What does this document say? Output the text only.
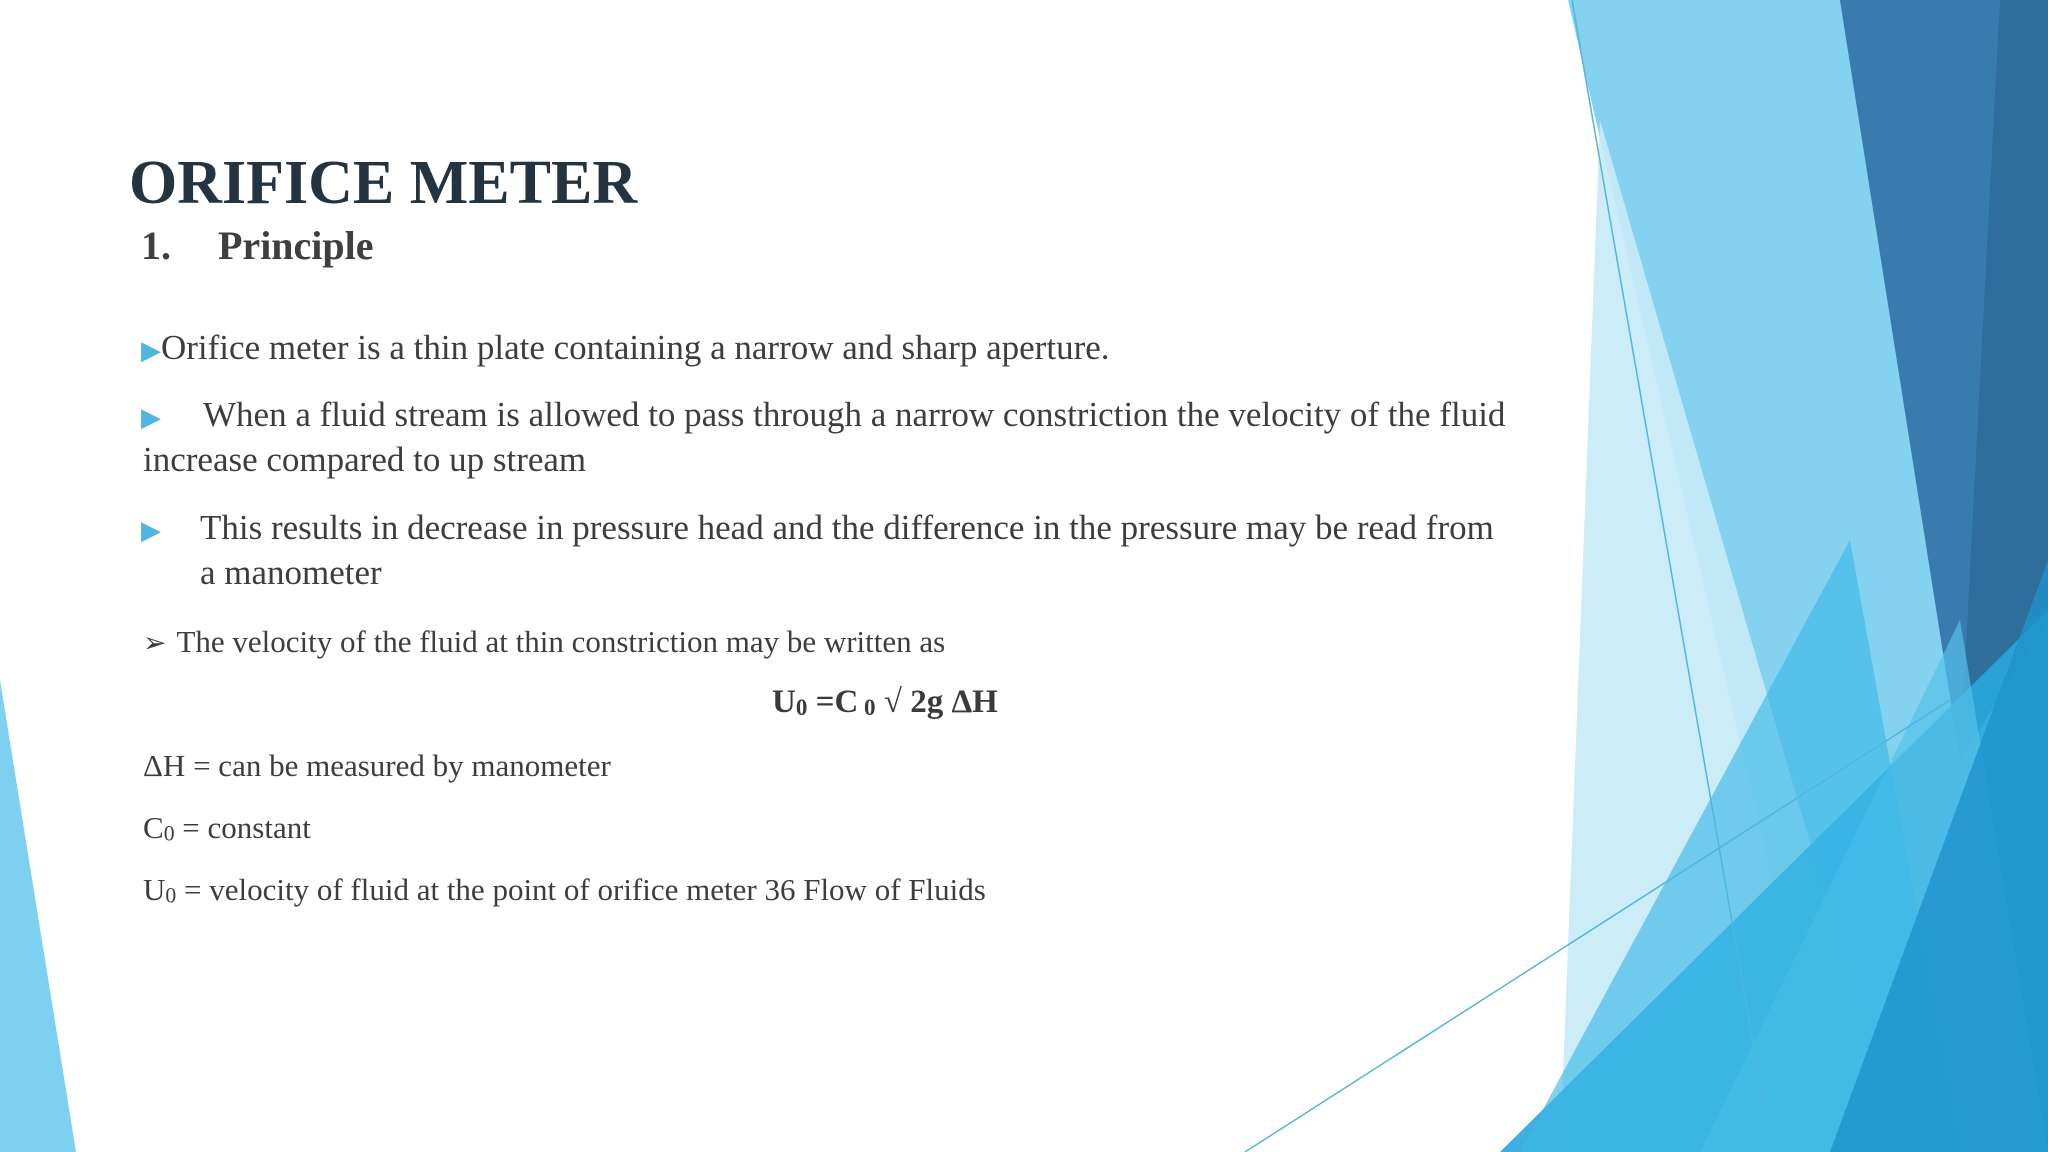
ORIFICE METER
1. Principle
▶Orifice meter is a thin plate containing a narrow and sharp aperture.
▶ When a fluid stream is allowed to pass through a narrow constriction the velocity of the fluid
increase compared to up stream
▶ This results in decrease in pressure head and the difference in the pressure may be read from
a manometer
➢ The velocity of the fluid at thin constriction may be written as
U0 =C 0 √ 2g ΔH
ΔH = can be measured by manometer
C0 = constant
U0 = velocity of fluid at the point of orifice meter 36 Flow of Fluids
